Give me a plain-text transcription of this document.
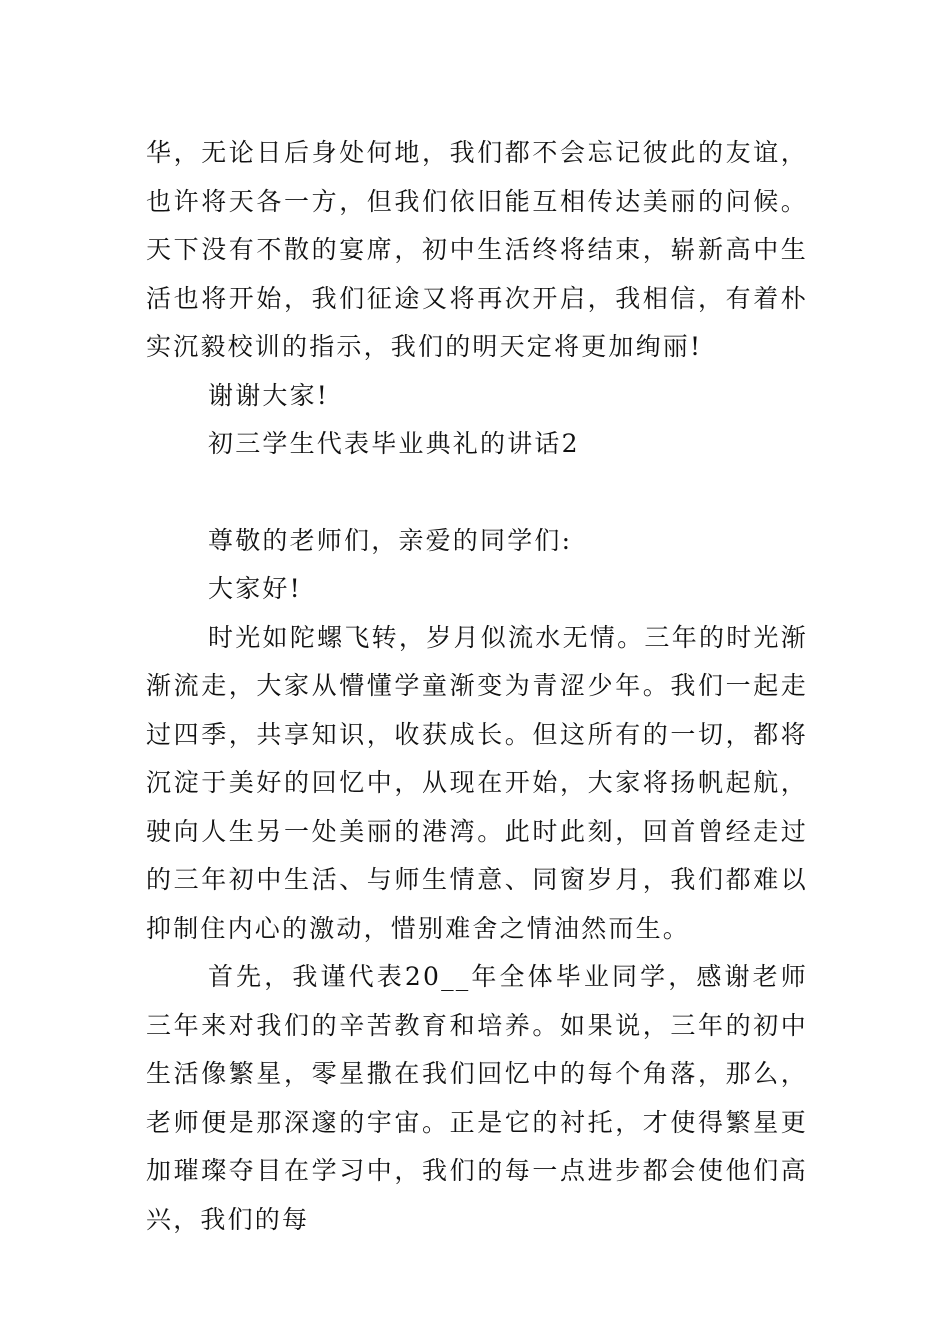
华，无论日后身处何地，我们都不会忘记彼此的友谊，也许将天各一方，但我们依旧能互相传达美丽的问候。天下没有不散的宴席，初中生活终将结束，崭新高中生活也将开始，我们征途又将再次开启，我相信，有着朴实沉毅校训的指示，我们的明天定将更加绚丽!

谢谢大家!

初三学生代表毕业典礼的讲话2

尊敬的老师们，亲爱的同学们:

大家好!

时光如陀螺飞转，岁月似流水无情。三年的时光渐渐流走，大家从懵懂学童渐变为青涩少年。我们一起走过四季，共享知识，收获成长。但这所有的一切，都将沉淀于美好的回忆中，从现在开始，大家将扬帆起航，驶向人生另一处美丽的港湾。此时此刻，回首曾经走过的三年初中生活、与师生情意、同窗岁月，我们都难以抑制住内心的激动，惜别难舍之情油然而生。

首先，我谨代表20__年全体毕业同学，感谢老师三年来对我们的辛苦教育和培养。如果说，三年的初中生活像繁星，零星撒在我们回忆中的每个角落，那么，老师便是那深邃的宇宙。正是它的衬托，才使得繁星更加璀璨夺目在学习中，我们的每一点进步都会使他们高兴，我们的每
